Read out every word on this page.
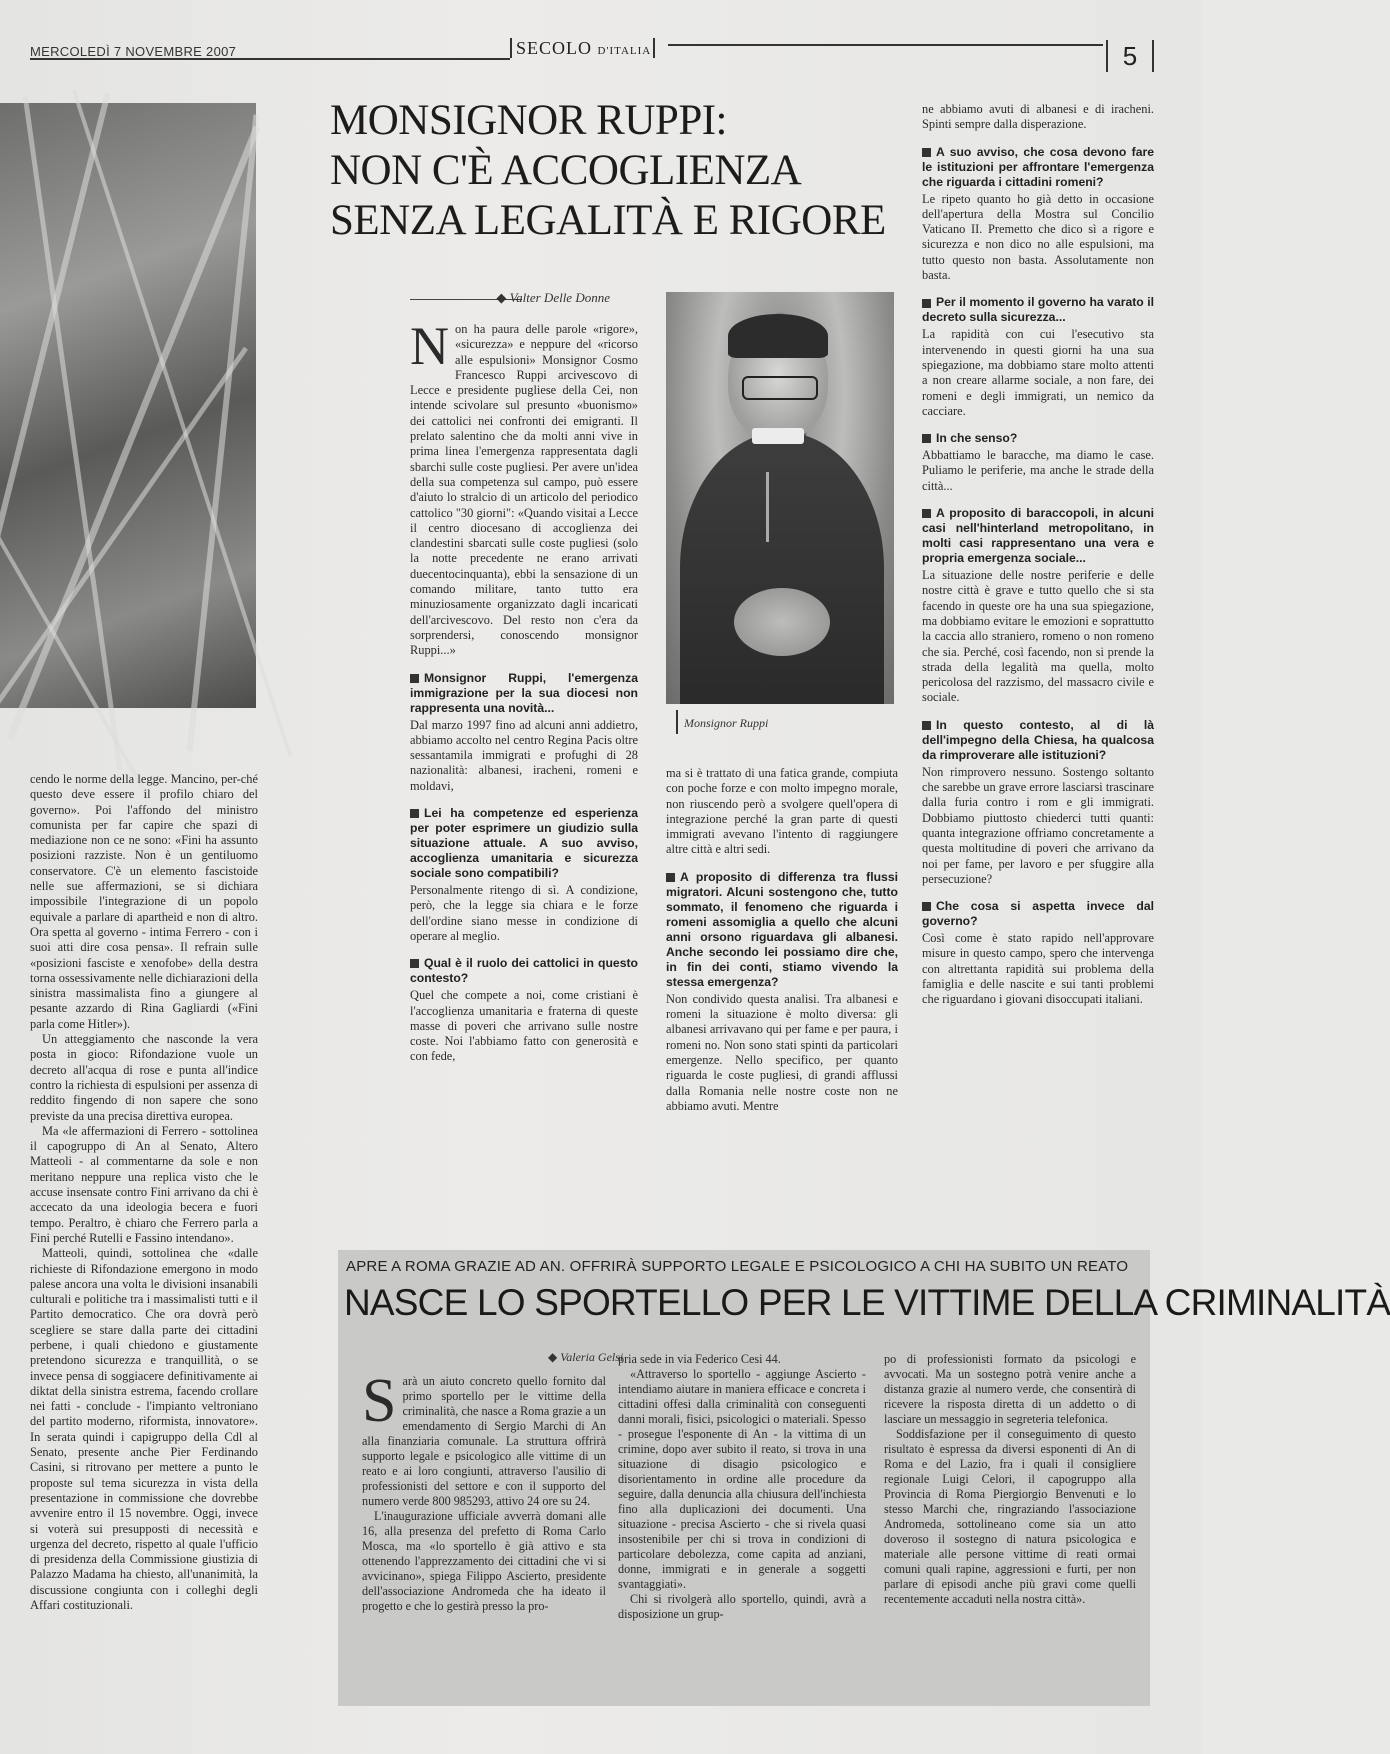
MERCOLEDÌ 7 NOVEMBRE 2007	SECOLO D'ITALIA	5
MONSIGNOR RUPPI:
NON C'È ACCOGLIENZA
SENZA LEGALITÀ E RIGORE
◆ Valter Delle Donne

cendo le norme della legge. Mancino, per-ché questo deve essere il profilo chiaro del governo». Poi l'affondo del ministro comunista per far capire che spazi di mediazione non ce ne sono: «Fini ha assunto posizioni razziste. Non è un gentiluomo conservatore. C'è un elemento fascistoide nelle sue affermazioni, se si dichiara impossibile l'integrazione di un popolo equivale a parlare di apartheid e non di altro. Ora spetta al governo - intima Ferrero - con i suoi atti dire cosa pensa». Il refrain sulle «posizioni fasciste e xenofobe» della destra torna ossessivamente nelle dichiarazioni della sinistra massimalista fino a giungere al pesante azzardo di Rina Gagliardi («Fini parla come Hitler»).

Un atteggiamento che nasconde la vera posta in gioco: Rifondazione vuole un decreto all'acqua di rose e punta all'indice contro la richiesta di espulsioni per assenza di reddito fingendo di non sapere che sono previste da una precisa direttiva europea.

Ma «le affermazioni di Ferrero - sottolinea il capogruppo di An al Senato, Altero Matteoli - al commentarne da sole e non meritano neppure una replica visto che le accuse insensate contro Fini arrivano da chi è accecato da una ideologia becera e fuori tempo. Peraltro, è chiaro che Ferrero parla a Fini perché Rutelli e Fassino intendano».

Matteoli, quindi, sottolinea che «dalle richieste di Rifondazione emergono in modo palese ancora una volta le divisioni insanabili culturali e politiche tra i massimalisti tutti e il Partito democratico. Che ora dovrà però scegliere se stare dalla parte dei cittadini perbene, i quali chiedono e giustamente pretendono sicurezza e tranquillità, o se invece pensa di soggiacere definitivamente ai diktat della sinistra estrema, facendo crollare nei fatti - conclude - l'impianto veltroniano del partito moderno, riformista, innovatore». In serata quindi i capigruppo della Cdl al Senato, presente anche Pier Ferdinando Casini, si ritrovano per mettere a punto le proposte sul tema sicurezza in vista della presentazione in commissione che dovrebbe avvenire entro il 15 novembre. Oggi, invece si voterà sui presupposti di necessità e urgenza del decreto, rispetto al quale l'ufficio di presidenza della Commissione giustizia di Palazzo Madama ha chiesto, all'unanimità, la discussione congiunta con i colleghi degli Affari costituzionali.

Non ha paura delle parole «rigore», «sicurezza» e neppure del «ricorso alle espulsioni» Monsignor Cosmo Francesco Ruppi arcivescovo di Lecce e presidente pugliese della Cei, non intende scivolare sul presunto «buonismo» dei cattolici nei confronti dei emigranti. Il prelato salentino che da molti anni vive in prima linea l'emergenza rappresentata dagli sbarchi sulle coste pugliesi. Per avere un'idea della sua competenza sul campo, può essere d'aiuto lo stralcio di un articolo del periodico cattolico "30 giorni": «Quando visitai a Lecce il centro diocesano di accoglienza dei clandestini sbarcati sulle coste pugliesi (solo la notte precedente ne erano arrivati duecentocinquanta), ebbi la sensazione di un comando militare, tanto tutto era minuziosamente organizzato dagli incaricati dell'arcivescovo. Del resto non c'era da sorprendersi, conoscendo monsignor Ruppi...»

Monsignor Ruppi, l'emergenza immigrazione per la sua diocesi non rappresenta una novità...

Dal marzo 1997 fino ad alcuni anni addietro, abbiamo accolto nel centro Regina Pacis oltre sessantamila immigrati e profughi di 28 nazionalità: albanesi, iracheni, romeni e moldavi,

Lei ha competenze ed esperienza per poter esprimere un giudizio sulla situazione attuale. A suo avviso, accoglienza umanitaria e sicurezza sociale sono compatibili?

Personalmente ritengo di sì. A condizione, però, che la legge sia chiara e le forze dell'ordine siano messe in condizione di operare al meglio.

Qual è il ruolo dei cattolici in questo contesto?

Quel che compete a noi, come cristiani è l'accoglienza umanitaria e fraterna di queste masse di poveri che arrivano sulle nostre coste. Noi l'abbiamo fatto con generosità e con fede,

Monsignor Ruppi

ma si è trattato di una fatica grande, compiuta con poche forze e con molto impegno morale, non riuscendo però a svolgere quell'opera di integrazione perché la gran parte di questi immigrati avevano l'intento di raggiungere altre città e altri sedi.

A proposito di differenza tra flussi migratori. Alcuni sostengono che, tutto sommato, il fenomeno che riguarda i romeni assomiglia a quello che alcuni anni orsono riguardava gli albanesi. Anche secondo lei possiamo dire che, in fin dei conti, stiamo vivendo la stessa emergenza?

Non condivido questa analisi. Tra albanesi e romeni la situazione è molto diversa: gli albanesi arrivavano qui per fame e per paura, i romeni no. Non sono stati spinti da particolari emergenze. Nello specifico, per quanto riguarda le coste pugliesi, di grandi afflussi dalla Romania nelle nostre coste non ne abbiamo avuti. Mentre

ne abbiamo avuti di albanesi e di iracheni. Spinti sempre dalla disperazione.

A suo avviso, che cosa devono fare le istituzioni per affrontare l'emergenza che riguarda i cittadini romeni?

Le ripeto quanto ho già detto in occasione dell'apertura della Mostra sul Concilio Vaticano II. Premetto che dico sì a rigore e sicurezza e non dico no alle espulsioni, ma tutto questo non basta. Assolutamente non basta.

Per il momento il governo ha varato il decreto sulla sicurezza...

La rapidità con cui l'esecutivo sta intervenendo in questi giorni ha una sua spiegazione, ma dobbiamo stare molto attenti a non creare allarme sociale, a non fare, dei romeni e degli immigrati, un nemico da cacciare.

In che senso?

Abbattiamo le baracche, ma diamo le case. Puliamo le periferie, ma anche le strade della città...

A proposito di baraccopoli, in alcuni casi nell'hinterland metropolitano, in molti casi rappresentano una vera e propria emergenza sociale...

La situazione delle nostre periferie e delle nostre città è grave e tutto quello che si sta facendo in queste ore ha una sua spiegazione, ma dobbiamo evitare le emozioni e soprattutto la caccia allo straniero, romeno o non romeno che sia. Perché, così facendo, non si prende la strada della legalità ma quella, molto pericolosa del razzismo, del massacro civile e sociale.

In questo contesto, al di là dell'impegno della Chiesa, ha qualcosa da rimproverare alle istituzioni?

Non rimprovero nessuno. Sostengo soltanto che sarebbe un grave errore lasciarsi trascinare dalla furia contro i rom e gli immigrati. Dobbiamo piuttosto chiederci tutti quanti: quanta integrazione offriamo concretamente a questa moltitudine di poveri che arrivano da noi per fame, per lavoro e per sfuggire alla persecuzione?

Che cosa si aspetta invece dal governo?

Così come è stato rapido nell'approvare misure in questo campo, spero che intervenga con altrettanta rapidità sui problema della famiglia e delle nascite e sui tanti problemi che riguardano i giovani disoccupati italiani.

APRE A ROMA GRAZIE AD AN. OFFRIRÀ SUPPORTO LEGALE E PSICOLOGICO A CHI HA SUBITO UN REATO
NASCE LO SPORTELLO PER LE VITTIME DELLA CRIMINALITÀ
◆ Valeria Gelsi

Sarà un aiuto concreto quello fornito dal primo sportello per le vittime della criminalità, che nasce a Roma grazie a un emendamento di Sergio Marchi di An alla finanziaria comunale. La struttura offrirà supporto legale e psicologico alle vittime di un reato e ai loro congiunti, attraverso l'ausilio di professionisti del settore e con il supporto del numero verde 800 985293, attivo 24 ore su 24.

L'inaugurazione ufficiale avverrà domani alle 16, alla presenza del prefetto di Roma Carlo Mosca, ma «lo sportello è già attivo e sta ottenendo l'apprezzamento dei cittadini che vi si avvicinano», spiega Filippo Ascierto, presidente dell'associazione Andromeda che ha ideato il progetto e che lo gestirà presso la pro-

pria sede in via Federico Cesi 44.

«Attraverso lo sportello - aggiunge Ascierto - intendiamo aiutare in maniera efficace e concreta i cittadini offesi dalla criminalità con conseguenti danni morali, fisici, psicologici o materiali. Spesso - prosegue l'esponente di An - la vittima di un crimine, dopo aver subito il reato, si trova in una situazione di disagio psicologico e disorientamento in ordine alle procedure da seguire, dalla denuncia alla chiusura dell'inchiesta fino alla duplicazioni dei documenti. Una situazione - precisa Ascierto - che si rivela quasi insostenibile per chi si trova in condizioni di particolare debolezza, come capita ad anziani, donne, immigrati e in generale a soggetti svantaggiati».

Chi si rivolgerà allo sportello, quindi, avrà a disposizione un grup-

po di professionisti formato da psicologi e avvocati. Ma un sostegno potrà venire anche a distanza grazie al numero verde, che consentirà di ricevere la risposta diretta di un addetto o di lasciare un messaggio in segreteria telefonica.

Soddisfazione per il conseguimento di questo risultato è espressa da diversi esponenti di An di Roma e del Lazio, fra i quali il consigliere regionale Luigi Celori, il capogruppo alla Provincia di Roma Piergiorgio Benvenuti e lo stesso Marchi che, ringraziando l'associazione Andromeda, sottolineano come sia un atto doveroso il sostegno di natura psicologica e materiale alle persone vittime di reati ormai comuni quali rapine, aggressioni e furti, per non parlare di episodi anche più gravi come quelli recentemente accaduti nella nostra città».
